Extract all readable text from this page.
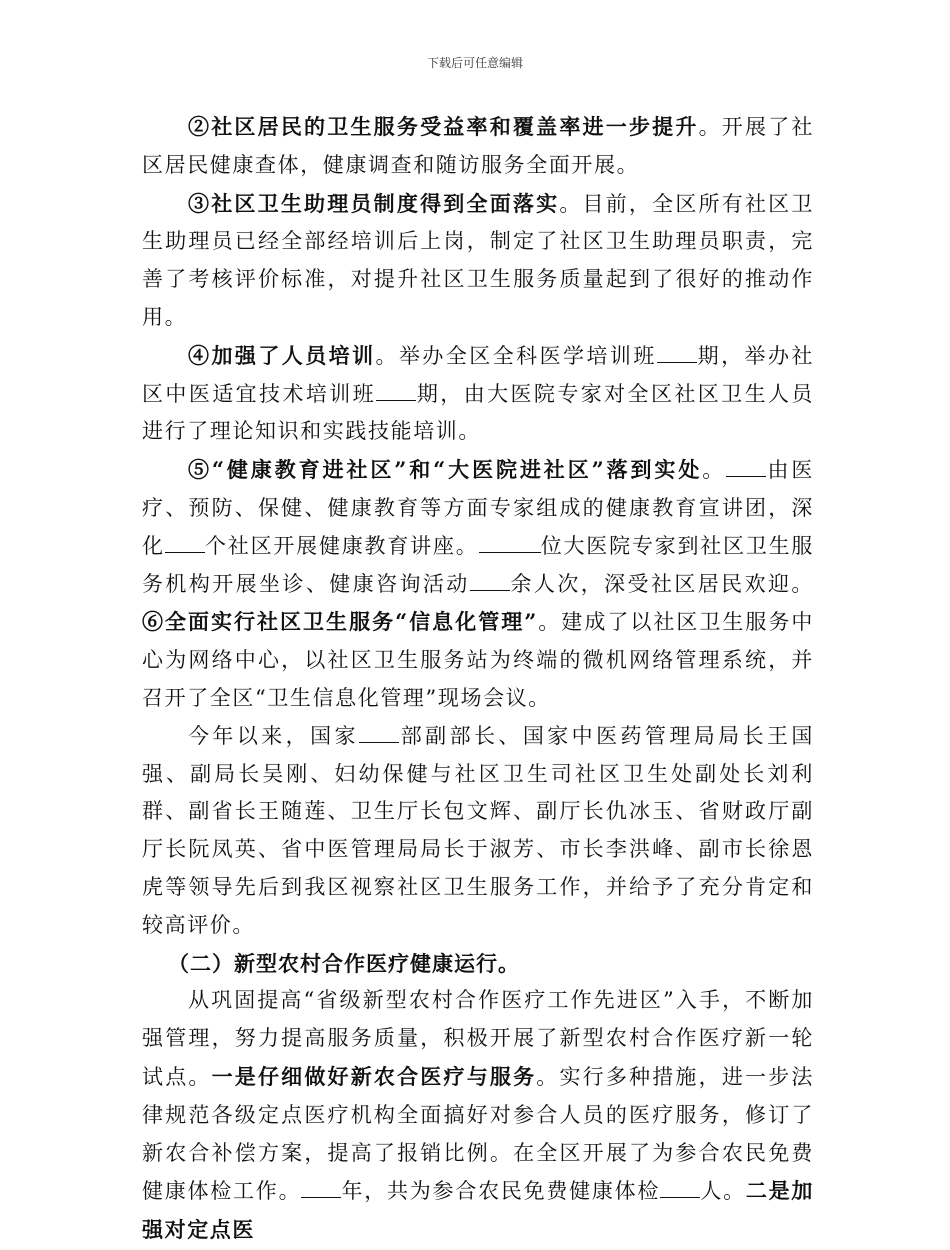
下载后可任意编辑

②社区居民的卫生服务受益率和覆盖率进一步提升。开展了社区居民健康查体，健康调查和随访服务全面开展。

③社区卫生助理员制度得到全面落实。目前，全区所有社区卫生助理员已经全部经培训后上岗，制定了社区卫生助理员职责，完善了考核评价标准，对提升社区卫生服务质量起到了很好的推动作用。

④加强了人员培训。举办全区全科医学培训班 期，举办社区中医适宜技术培训班 期，由大医院专家对全区社区卫生人员进行了理论知识和实践技能培训。

⑤“健康教育进社区”和“大医院进社区”落到实处。 由医疗、预防、保健、健康教育等方面专家组成的健康教育宣讲团，深化 个社区开展健康教育讲座。	位大医院专家到社区卫生服务机构开展坐诊、健康咨询活动 余人次，深受社区居民欢迎。⑥全面实行社区卫生服务“信息化管理”。建成了以社区卫生服务中心为网络中心，以社区卫生服务站为终端的微机网络管理系统，并召开了全区“卫生信息化管理”现场会议。

今年以来，国家 部副部长、国家中医药管理局局长王国强、副局长吴刚、妇幼保健与社区卫生司社区卫生处副处长刘利群、副省长王随莲、卫生厅长包文辉、副厅长仇冰玉、省财政厅副厅长阮凤英、省中医管理局局长于淑芳、市长李洪峰、副市长徐恩虎等领导先后到我区视察社区卫生服务工作，并给予了充分肯定和较高评价。

（二）新型农村合作医疗健康运行。

从巩固提高“省级新型农村合作医疗工作先进区”入手，不断加强管理，努力提高服务质量，积极开展了新型农村合作医疗新一轮试点。一是仔细做好新农合医疗与服务。实行多种措施，进一步法律规范各级定点医疗机构全面搞好对参合人员的医疗服务，修订了新农合补偿方案，提高了报销比例。在全区开展了为参合农民免费健康体检工作。 年，共为参合农民免费健康体检 人。二是加强对定点医
